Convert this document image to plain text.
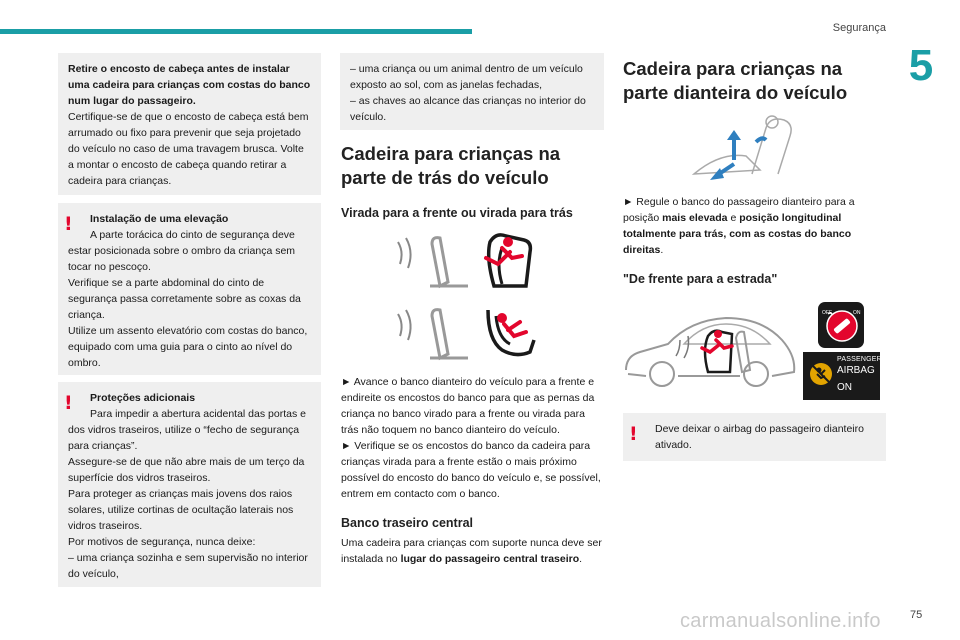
Segurança
5
75
carmanualsonline.info
Retire o encosto de cabeça antes de instalar uma cadeira para crianças com costas do banco num lugar do passageiro.
Certifique-se de que o encosto de cabeça está bem arrumado ou fixo para prevenir que seja projetado do veículo no caso de uma travagem brusca. Volte a montar o encosto de cabeça quando retirar a cadeira para crianças.
!	Instalação de uma elevação
A parte torácica do cinto de segurança deve estar posicionada sobre o ombro da criança sem tocar no pescoço.
Verifique se a parte abdominal do cinto de segurança passa corretamente sobre as coxas da criança.
Utilize um assento elevatório com costas do banco, equipado com uma guia para o cinto ao nível do ombro.
!	Proteções adicionais
Para impedir a abertura acidental das portas e dos vidros traseiros, utilize o “fecho de segurança para crianças”.
Assegure-se de que não abre mais de um terço da superfície dos vidros traseiros.
Para proteger as crianças mais jovens dos raios solares, utilize cortinas de ocultação laterais nos vidros traseiros.
Por motivos de segurança, nunca deixe:
– uma criança sozinha e sem supervisão no interior do veículo,
– uma criança ou um animal dentro de um veículo exposto ao sol, com as janelas fechadas,
– as chaves ao alcance das crianças no interior do veículo.
Cadeira para crianças na parte de trás do veículo
Virada para a frente ou virada para trás
► Avance o banco dianteiro do veículo para a frente e endireite os encostos do banco para que as pernas da criança no banco virado para a frente ou virada para trás não toquem no banco dianteiro do veículo.
► Verifique se os encostos do banco da cadeira para crianças virada para a frente estão o mais próximo possível do encosto do banco do veículo e, se possível, entrem em contacto com o banco.
Banco traseiro central
Uma cadeira para crianças com suporte nunca deve ser instalada no lugar do passageiro central traseiro.
Cadeira para crianças na parte dianteira do veículo
► Regule o banco do passageiro dianteiro para a posição mais elevada e posição longitudinal totalmente para trás, com as costas do banco direitas.
"De frente para a estrada"
OFF	ON
PASSENGER
AIRBAG
ON
!	Deve deixar o airbag do passageiro dianteiro ativado.
